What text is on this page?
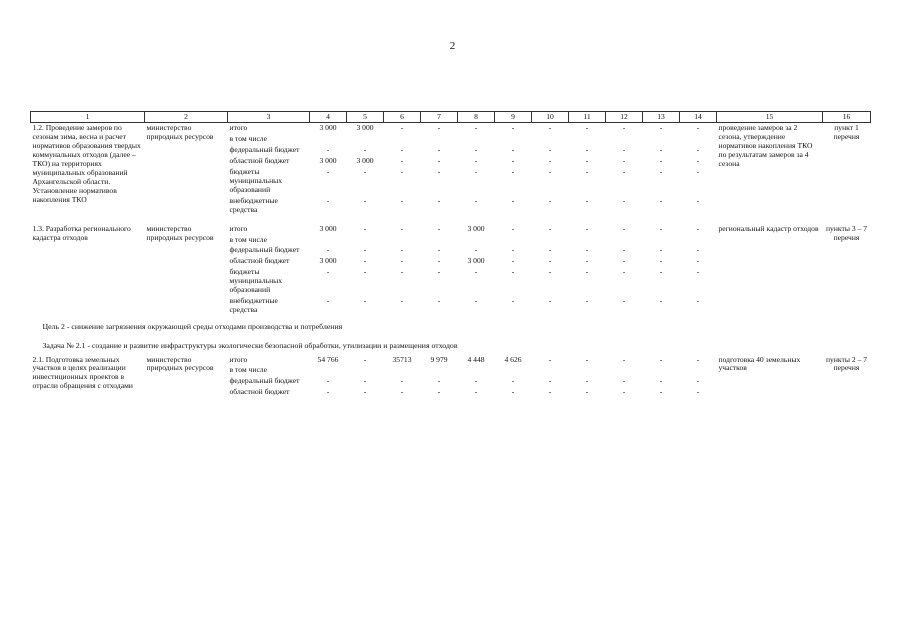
2
1	2	3	4	5	6	7	8	9	10	11	12	13	14	15	16
1.2. Проведение замеров по сезонам зима, весна и расчет нормативов образования твердых коммунальных отходов (далее – ТКО) на территориях муниципальных образований Архангельской области. Установление нормативов накопления ТКО	министерство природных ресурсов	итого	3 000	3 000	-	-	-	-	-	-	-	-	-	проведение замеров за 2 сезона, утверждение нормативов накопления ТКО по результатам замеров за 4 сезона	пункт 1 перечня
		в том числе													
		федеральный бюджет	-	-	-	-	-	-	-	-	-	-	-		
		областной бюджет	3 000	3 000	-	-	-	-	-	-	-	-	-		
		бюджеты муниципальных образований	-	-	-	-	-	-	-	-	-	-	-		
		внебюджетные средства	-	-	-	-	-	-	-	-	-	-	-		

1.3. Разработка регионального кадастра отходов	министерство природных ресурсов	итого	3 000	-	-	-	3 000	-	-	-	-	-	-	региональный кадастр отходов	пункты 3 – 7 перечня
		в том числе													
		федеральный бюджет	-	-	-	-	-	-	-	-	-	-	-		
		областной бюджет	3 000	-	-	-	3 000	-	-	-	-	-	-		
		бюджеты муниципальных образований	-	-	-	-	-	-	-	-	-	-	-		
		внебюджетные средства	-	-	-	-	-	-	-	-	-	-	-		
Цель 2 - снижение загрязнения окружающей среды отходами производства и потребления															
Задача № 2.1 - создание и развитие инфраструктуры экологически безопасной обработки, утилизации и размещения отходов															
2.1. Подготовка земельных участков в целях реализации инвестиционных проектов в отрасли обращения с отходами	министерство природных ресурсов	итого	54 766	-	35713	9 979	4 448	4 626	-	-	-	-	-	подготовка 40 земельных участков	пункты 2 – 7 перечня
		в том числе													
		федеральный бюджет	-	-	-	-	-	-	-	-	-	-	-		
		областной бюджет	-	-	-	-	-	-	-	-	-	-	-		
